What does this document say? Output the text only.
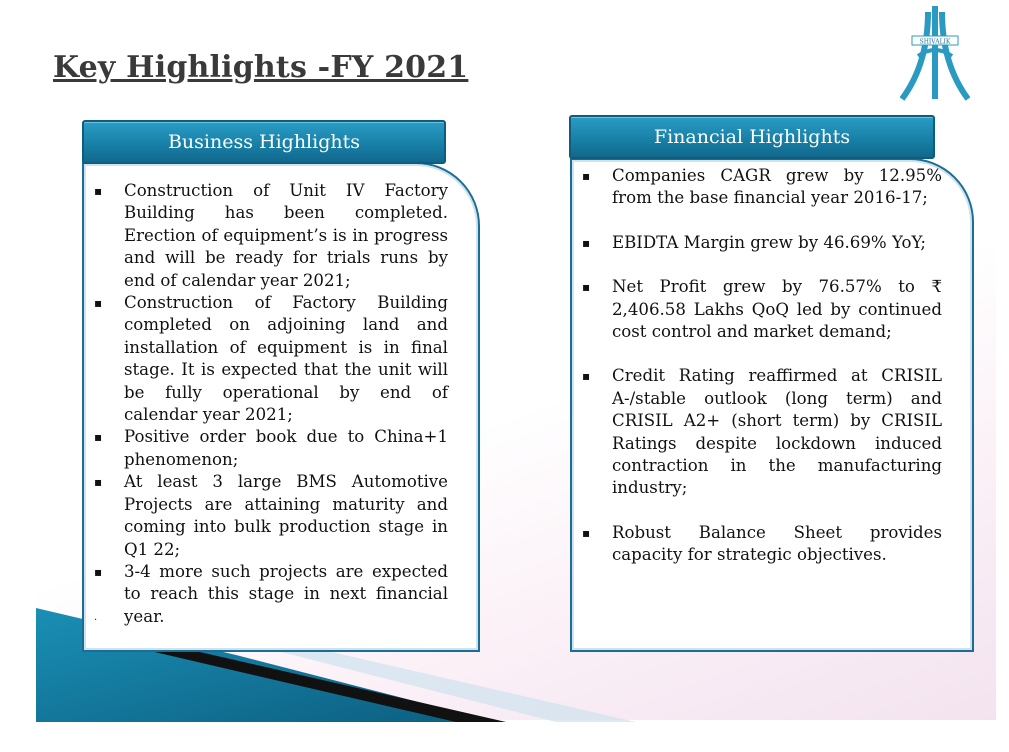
Key Highlights -FY 2021
SHIVALIK
Business Highlights
▪ Construction of Unit IV Factory Building has been completed. Erection of equipment’s is in progress and will be ready for trials runs by end of calendar year 2021;
▪ Construction of Factory Building completed on adjoining land and installation of equipment is in final stage. It is expected that the unit will be fully operational by end of calendar year 2021;
▪ Positive order book due to China+1 phenomenon;
▪ At least 3 large BMS Automotive Projects are attaining maturity and coming into bulk production stage in Q1 22;
▪ 3-4 more such projects are expected to reach this stage in next financial year.
.
Financial Highlights
▪ Companies CAGR grew by 12.95% from the base financial year 2016-17;
▪ EBIDTA Margin grew by 46.69% YoY;
▪ Net Profit grew by 76.57% to ₹ 2,406.58 Lakhs QoQ led by continued cost control and market demand;
▪ Credit Rating reaffirmed at CRISIL A-/stable outlook (long term) and CRISIL A2+ (short term) by CRISIL Ratings despite lockdown induced contraction in the manufacturing industry;
▪ Robust Balance Sheet provides capacity for strategic objectives.
